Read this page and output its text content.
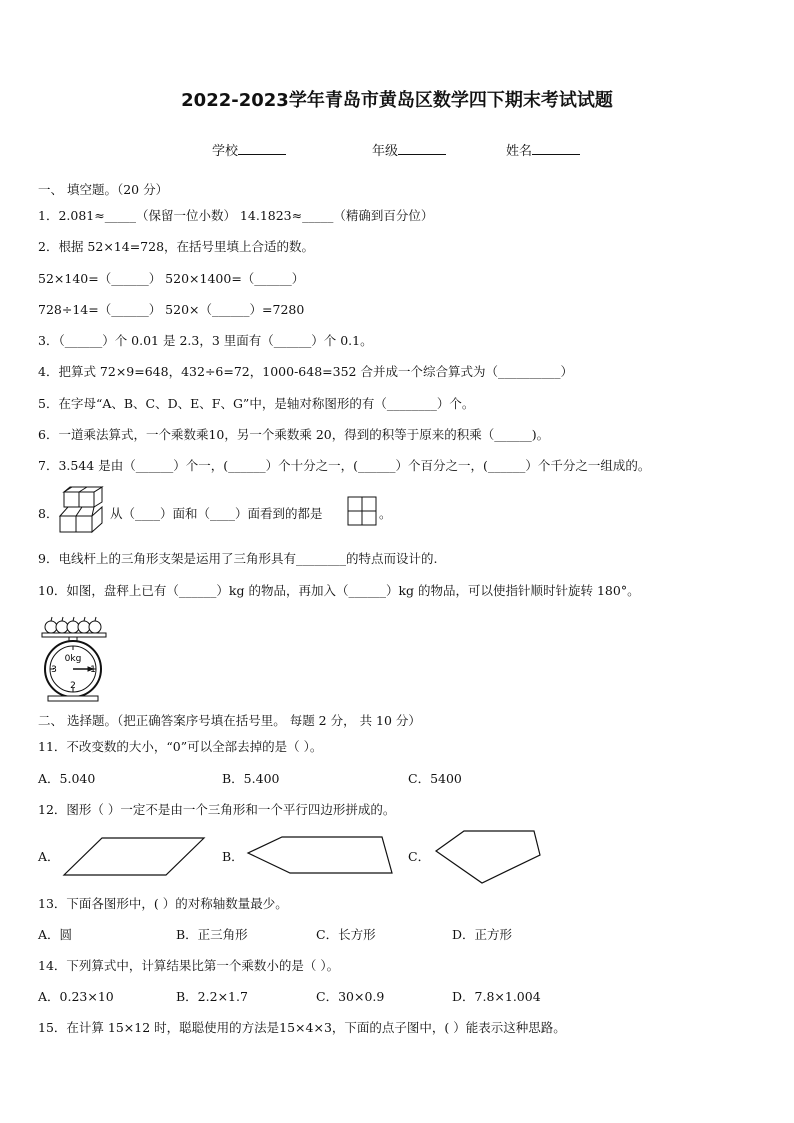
2022-2023学年青岛市黄岛区数学四下期末考试试题
学校	年级	姓名
一、 填空题。（20 分）
1．2.081≈_____（保留一位小数） 14.1823≈_____（精确到百分位）
2．根据 52×14=728，在括号里填上合适的数。
52×140=（______） 520×1400=（______）
728÷14=（______） 520×（______）=7280
3．（______）个 0.01 是 2.3，3 里面有（______）个 0.1。
4．把算式 72×9=648，432÷6=72，1000-648=352 合并成一个综合算式为（__________）
5．在字母“A、B、C、D、E、F、G”中，是轴对称图形的有（________）个。
6．一道乘法算式，一个乘数乘10，另一个乘数乘 20，得到的积等于原来的积乘（______)。
7．3.544 是由（______）个一，(______）个十分之一，(______）个百分之一，(______）个千分之一组成的。
8．	从（____）面和（____）面看到的都是	。
9．电线杆上的三角形支架是运用了三角形具有________的特点而设计的.
10．如图，盘秤上已有（______）kg 的物品，再加入（______）kg 的物品，可以使指针顺时针旋转 180°。
0kg
3	1
2
二、 选择题。（把正确答案序号填在括号里。 每题 2 分， 共 10 分）
11．不改变数的大小，“0”可以全部去掉的是（ ）。
A．5.040	B．5.400	C．5400
12．图形（ ）一定不是由一个三角形和一个平行四边形拼成的。
A．	B．	C．
13．下面各图形中，( ）的对称轴数量最少。
A．圆	B．正三角形	C．长方形	D．正方形
14．下列算式中，计算结果比第一个乘数小的是（ ）。
A．0.23×10	B．2.2×1.7	C．30×0.9	D．7.8×1.004
15．在计算 15×12 时，聪聪使用的方法是15×4×3，下面的点子图中，( ）能表示这种思路。
